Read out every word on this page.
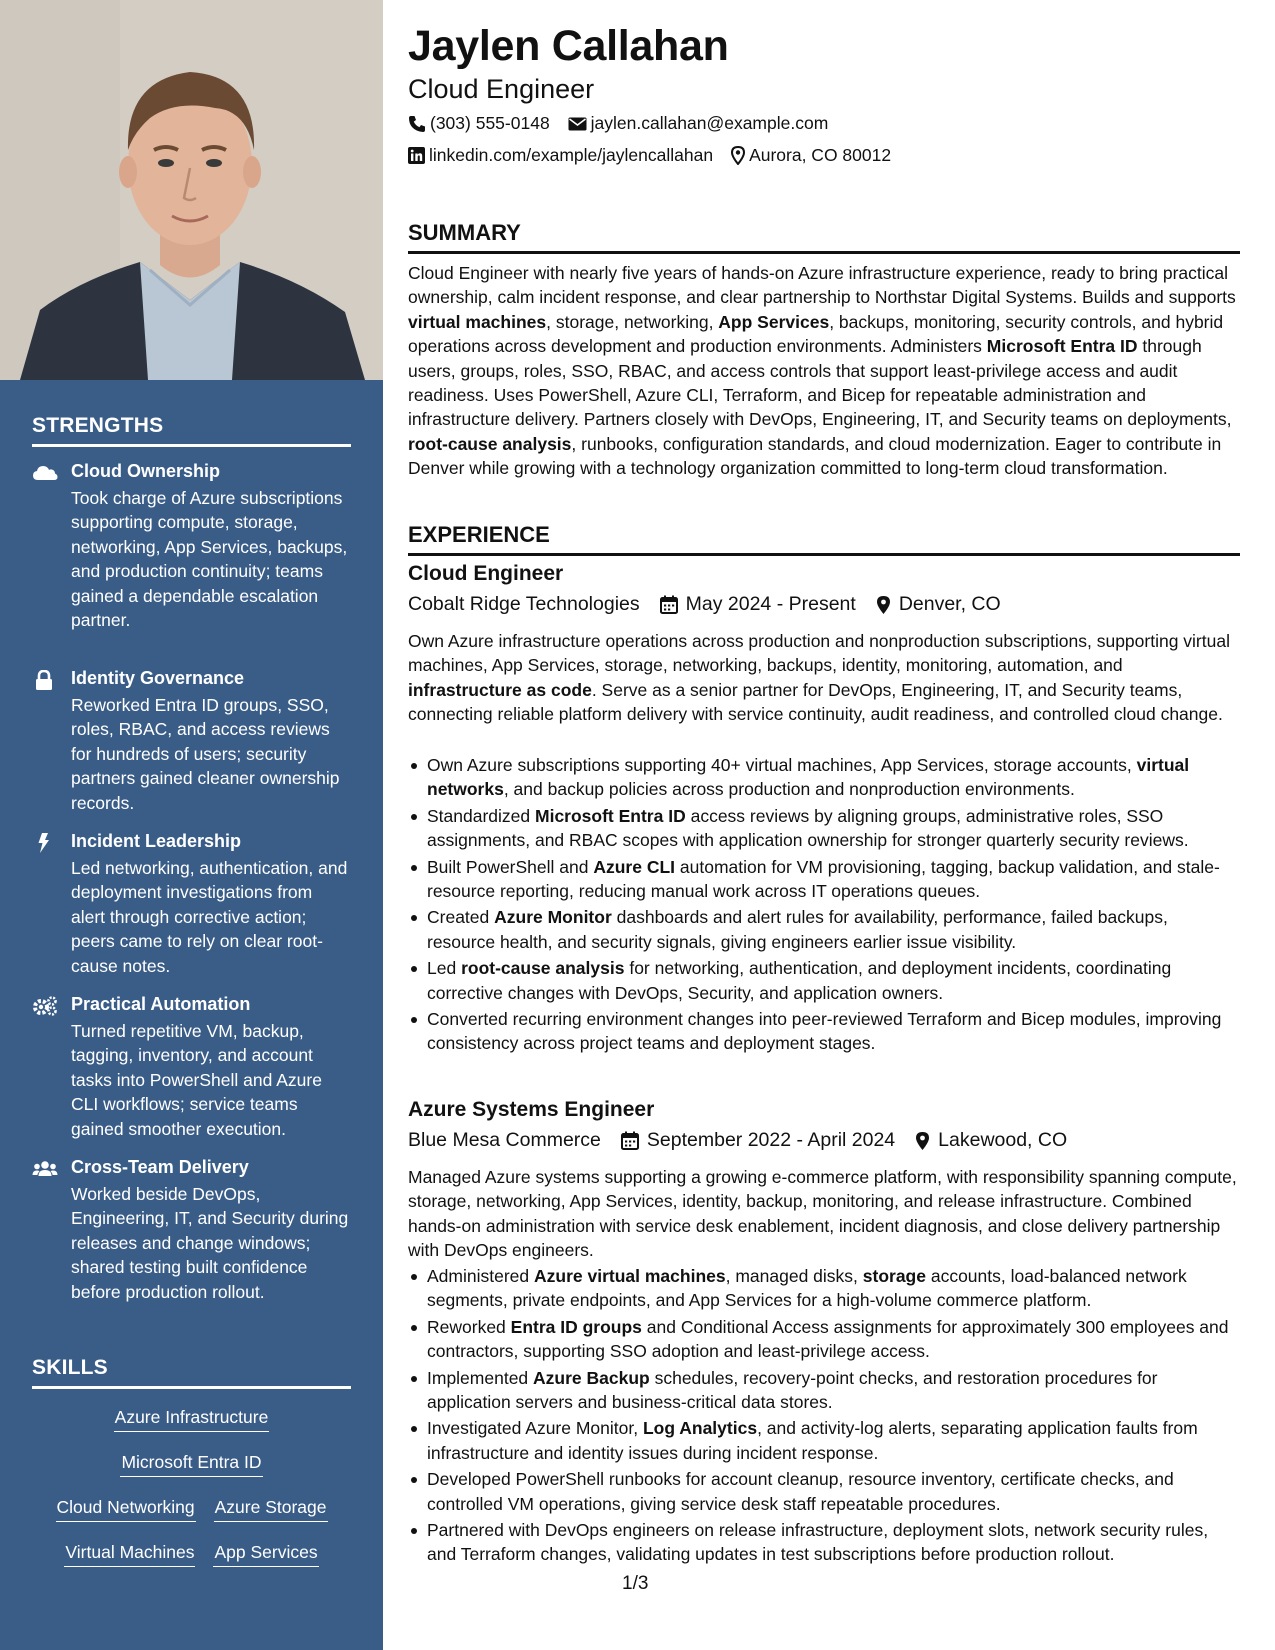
STRENGTHS
Cloud Ownership
Took charge of Azure subscriptions supporting compute, storage, networking, App Services, backups, and production continuity; teams gained a dependable escalation partner.
Identity Governance
Reworked Entra ID groups, SSO, roles, RBAC, and access reviews for hundreds of users; security partners gained cleaner ownership records.
Incident Leadership
Led networking, authentication, and deployment investigations from alert through corrective action; peers came to rely on clear root-cause notes.
Practical Automation
Turned repetitive VM, backup, tagging, inventory, and account tasks into PowerShell and Azure CLI workflows; service teams gained smoother execution.
Cross-Team Delivery
Worked beside DevOps, Engineering, IT, and Security during releases and change windows; shared testing built confidence before production rollout.
SKILLS
Azure Infrastructure
Microsoft Entra ID
Cloud Networking Azure Storage
Virtual Machines App Services
Jaylen Callahan
Cloud Engineer
(303) 555-0148 jaylen.callahan@example.com
linkedin.com/example/jaylencallahan Aurora, CO 80012
SUMMARY
Cloud Engineer with nearly five years of hands-on Azure infrastructure experience, ready to bring practical ownership, calm incident response, and clear partnership to Northstar Digital Systems. Builds and supports virtual machines, storage, networking, App Services, backups, monitoring, security controls, and hybrid operations across development and production environments. Administers Microsoft Entra ID through users, groups, roles, SSO, RBAC, and access controls that support least-privilege access and audit readiness. Uses PowerShell, Azure CLI, Terraform, and Bicep for repeatable administration and infrastructure delivery. Partners closely with DevOps, Engineering, IT, and Security teams on deployments, root-cause analysis, runbooks, configuration standards, and cloud modernization. Eager to contribute in Denver while growing with a technology organization committed to long-term cloud transformation.
EXPERIENCE
Cloud Engineer
Cobalt Ridge Technologies May 2024 - Present Denver, CO
Own Azure infrastructure operations across production and nonproduction subscriptions, supporting virtual machines, App Services, storage, networking, backups, identity, monitoring, automation, and infrastructure as code. Serve as a senior partner for DevOps, Engineering, IT, and Security teams, connecting reliable platform delivery with service continuity, audit readiness, and controlled cloud change.
Own Azure subscriptions supporting 40+ virtual machines, App Services, storage accounts, virtual networks, and backup policies across production and nonproduction environments.
Standardized Microsoft Entra ID access reviews by aligning groups, administrative roles, SSO assignments, and RBAC scopes with application ownership for stronger quarterly security reviews.
Built PowerShell and Azure CLI automation for VM provisioning, tagging, backup validation, and stale-resource reporting, reducing manual work across IT operations queues.
Created Azure Monitor dashboards and alert rules for availability, performance, failed backups, resource health, and security signals, giving engineers earlier issue visibility.
Led root-cause analysis for networking, authentication, and deployment incidents, coordinating corrective changes with DevOps, Security, and application owners.
Converted recurring environment changes into peer-reviewed Terraform and Bicep modules, improving consistency across project teams and deployment stages.
Azure Systems Engineer
Blue Mesa Commerce September 2022 - April 2024 Lakewood, CO
Managed Azure systems supporting a growing e-commerce platform, with responsibility spanning compute, storage, networking, App Services, identity, backup, monitoring, and release infrastructure. Combined hands-on administration with service desk enablement, incident diagnosis, and close delivery partnership with DevOps engineers.
Administered Azure virtual machines, managed disks, storage accounts, load-balanced network segments, private endpoints, and App Services for a high-volume commerce platform.
Reworked Entra ID groups and Conditional Access assignments for approximately 300 employees and contractors, supporting SSO adoption and least-privilege access.
Implemented Azure Backup schedules, recovery-point checks, and restoration procedures for application servers and business-critical data stores.
Investigated Azure Monitor, Log Analytics, and activity-log alerts, separating application faults from infrastructure and identity issues during incident response.
Developed PowerShell runbooks for account cleanup, resource inventory, certificate checks, and controlled VM operations, giving service desk staff repeatable procedures.
Partnered with DevOps engineers on release infrastructure, deployment slots, network security rules, and Terraform changes, validating updates in test subscriptions before production rollout.
1/3
